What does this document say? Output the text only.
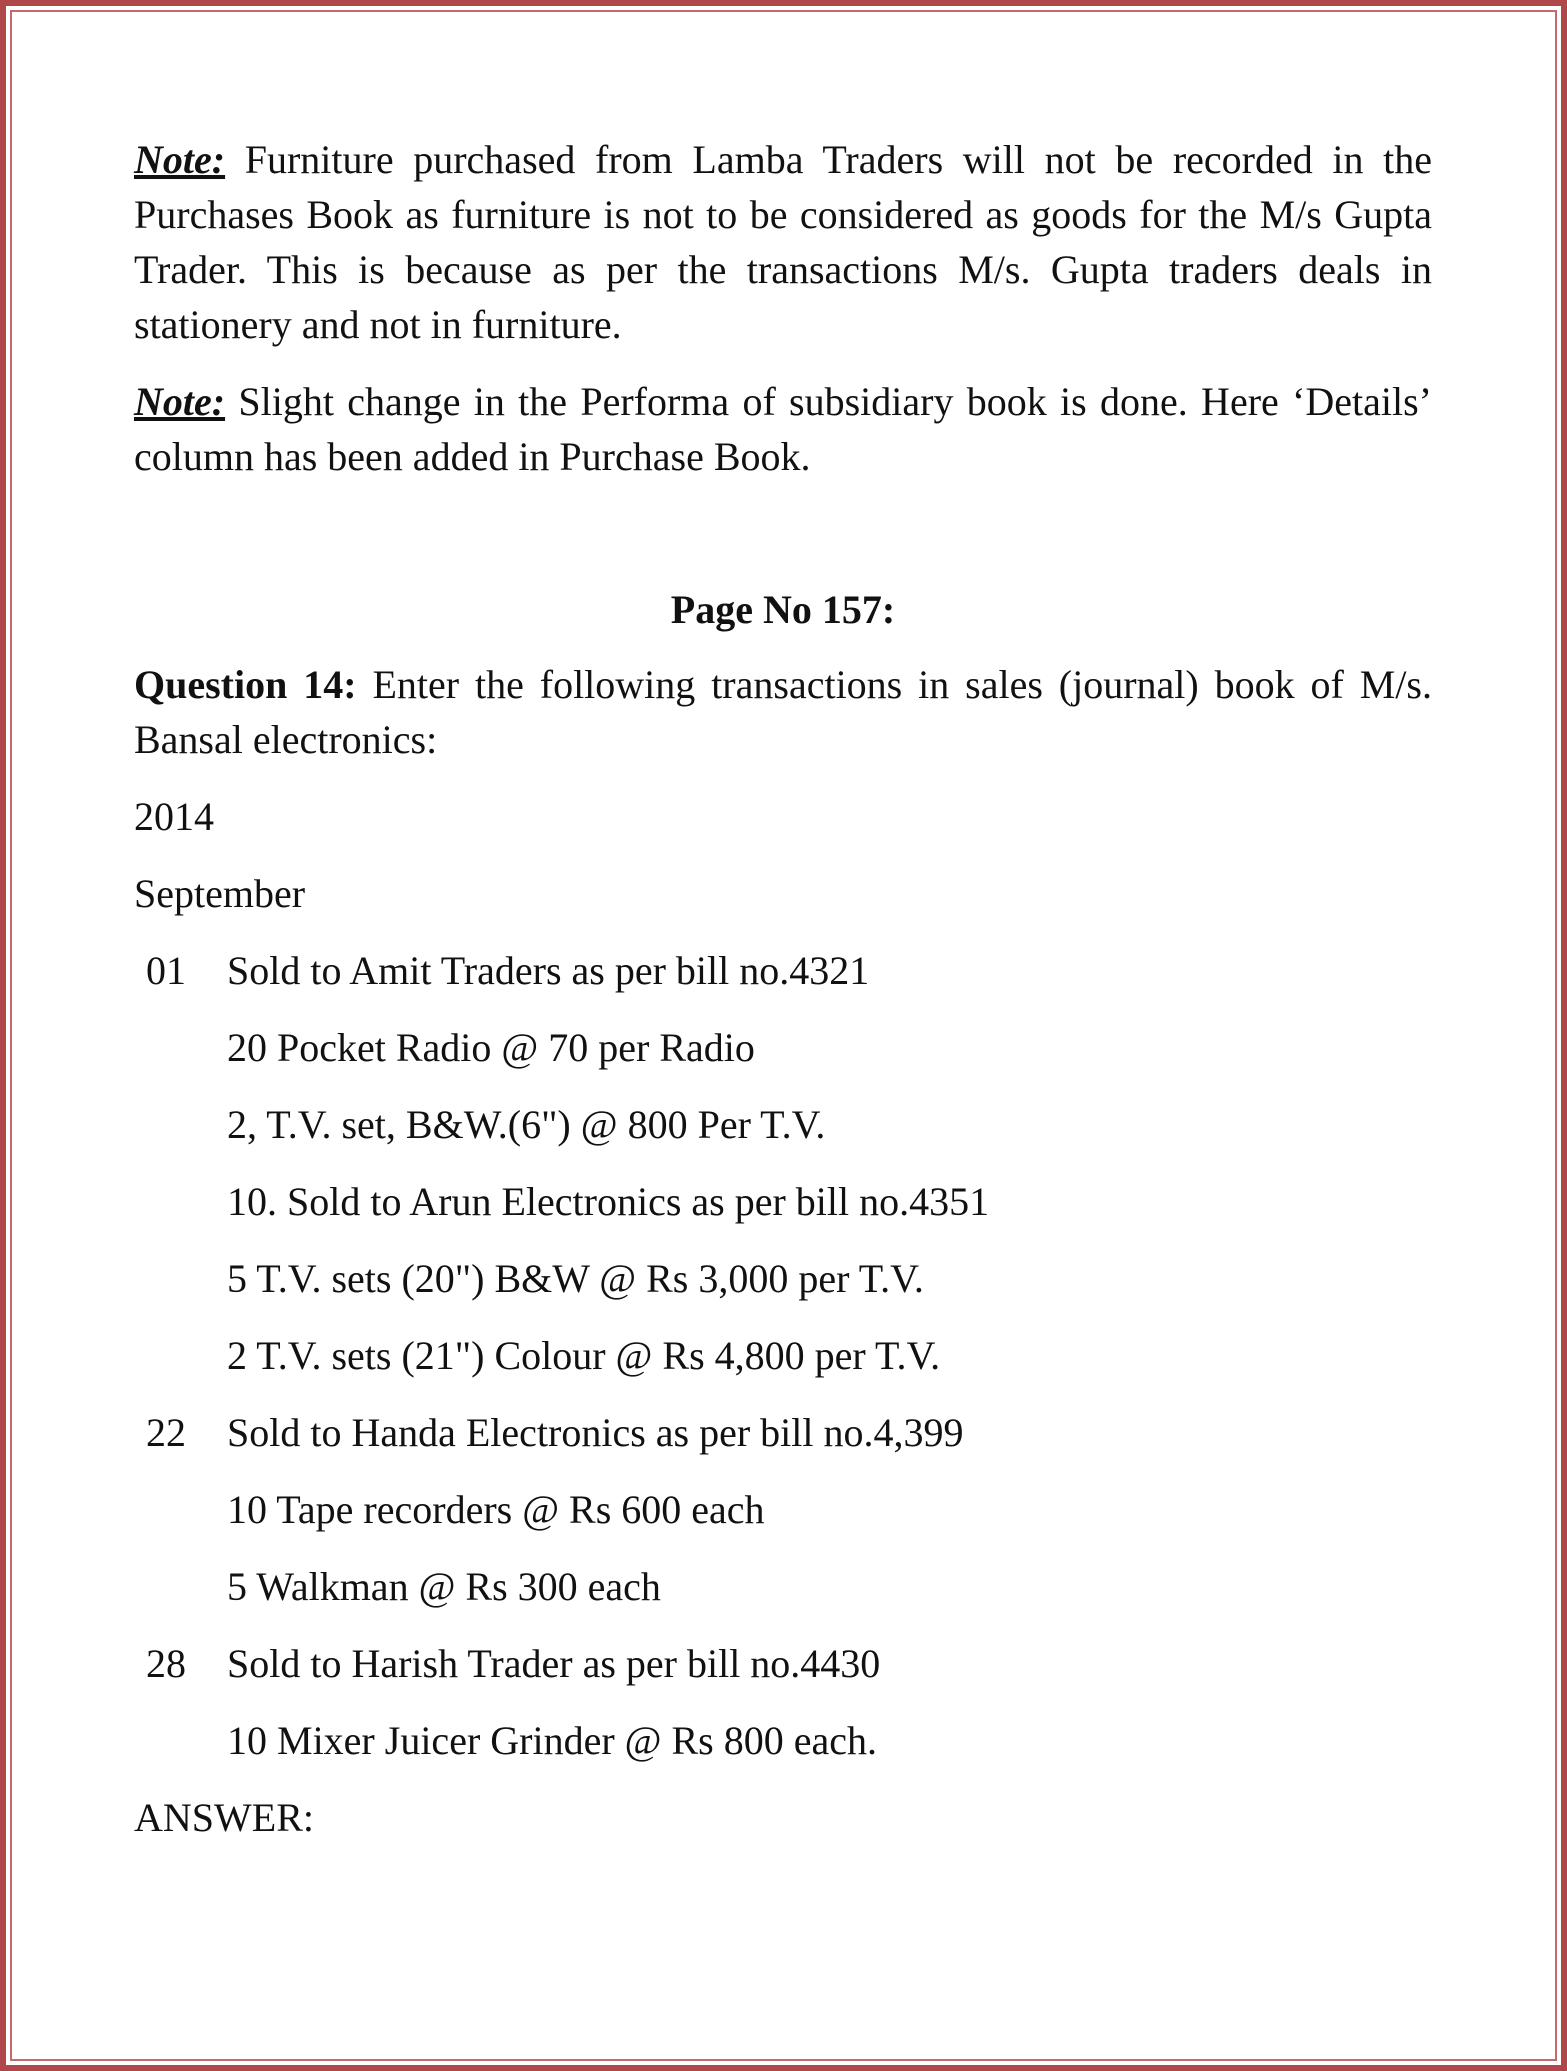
Note: Furniture purchased from Lamba Traders will not be recorded in the Purchases Book as furniture is not to be considered as goods for the M/s Gupta Trader. This is because as per the transactions M/s. Gupta traders deals in stationery and not in furniture.

Note: Slight change in the Performa of subsidiary book is done. Here ‘Details’ column has been added in Purchase Book.

Page No 157:

Question 14: Enter the following transactions in sales (journal) book of M/s. Bansal electronics:

2014
September
01	Sold to Amit Traders as per bill no.4321
20 Pocket Radio @ 70 per Radio
2, T.V. set, B&W.(6") @ 800 Per T.V.
10. Sold to Arun Electronics as per bill no.4351
5 T.V. sets (20") B&W @ Rs 3,000 per T.V.
2 T.V. sets (21") Colour @ Rs 4,800 per T.V.
22	Sold to Handa Electronics as per bill no.4,399
10 Tape recorders @ Rs 600 each
5 Walkman @ Rs 300 each
28	Sold to Harish Trader as per bill no.4430
10 Mixer Juicer Grinder @ Rs 800 each.
ANSWER:
